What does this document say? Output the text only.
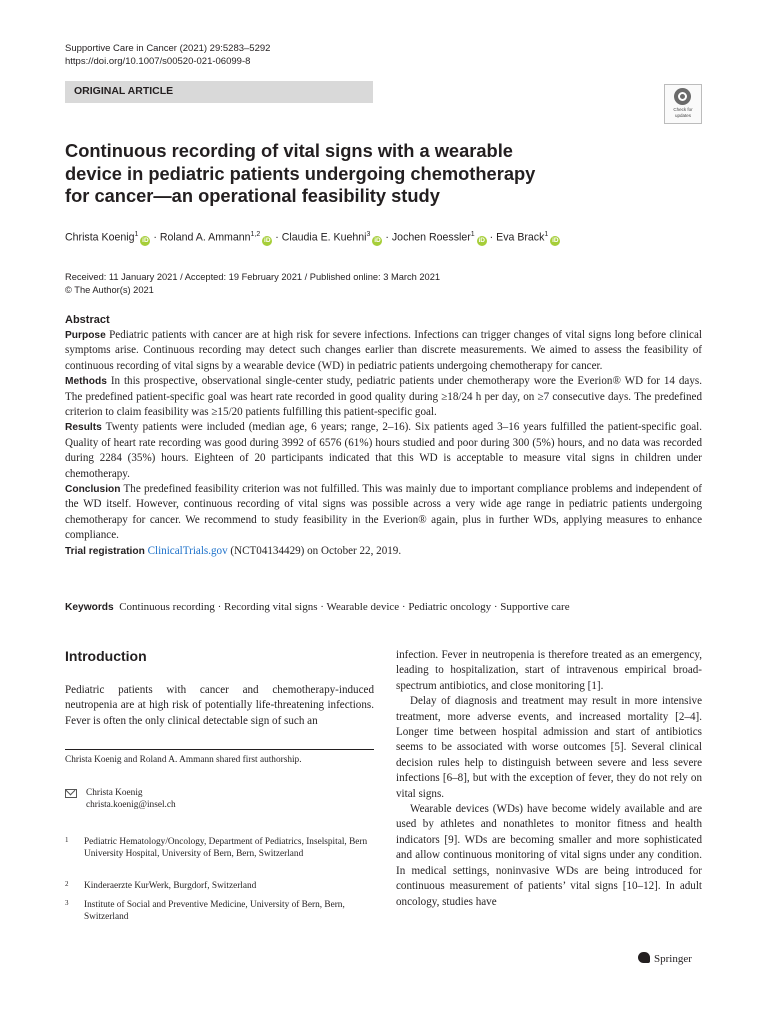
Supportive Care in Cancer (2021) 29:5283–5292
https://doi.org/10.1007/s00520-021-06099-8
ORIGINAL ARTICLE
Check for
updates
Continuous recording of vital signs with a wearable
device in pediatric patients undergoing chemotherapy
for cancer—an operational feasibility study
Christa Koenig$^1$iD · Roland A. Ammann$^{1,2}$iD · Claudia E. Kuehni$^3$iD · Jochen Roessler$^1$iD · Eva Brack$^1$iD
Received: 11 January 2021 / Accepted: 19 February 2021 / Published online: 3 March 2021
© The Author(s) 2021
Abstract

Purpose Pediatric patients with cancer are at high risk for severe infections. Infections can trigger changes of vital signs long before clinical symptoms arise. Continuous recording may detect such changes earlier than discrete measurements. We aimed to assess the feasibility of continuous recording of vital signs by a wearable device (WD) in pediatric patients undergoing chemotherapy for cancer.

Methods In this prospective, observational single-center study, pediatric patients under chemotherapy wore the Everion® WD for 14 days. The predefined patient-specific goal was heart rate recorded in good quality during ≥18/24 h per day, on ≥7 consecutive days. The predefined criterion to claim feasibility was ≥15/20 patients fulfilling this patient-specific goal.

Results Twenty patients were included (median age, 6 years; range, 2–16). Six patients aged 3–16 years fulfilled the patient-specific goal. Quality of heart rate recording was good during 3992 of 6576 (61%) hours studied and poor during 300 (5%) hours, and no data was recorded during 2284 (35%) hours. Eighteen of 20 participants indicated that this WD is acceptable to measure vital signs in children under chemotherapy.

Conclusion The predefined feasibility criterion was not fulfilled. This was mainly due to important compliance problems and independent of the WD itself. However, continuous recording of vital signs was possible across a very wide age range in pediatric patients undergoing chemotherapy for cancer. We recommend to study feasibility in the Everion® again, plus in further WDs, applying measures to enhance compliance.

Trial registration ClinicalTrials.gov (NCT04134429) on October 22, 2019.

Keywords Continuous recording · Recording vital signs · Wearable device · Pediatric oncology · Supportive care
Introduction

Pediatric patients with cancer and chemotherapy-induced neutropenia are at high risk of potentially life-threatening infections. Fever is often the only clinical detectable sign of such an

Christa Koenig and Roland A. Ammann shared first authorship.
Christa Koenig
christa.koenig@insel.ch
1 Pediatric Hematology/Oncology, Department of Pediatrics, Inselspital, Bern University Hospital, University of Bern, Bern, Switzerland
2 Kinderaerzte KurWerk, Burgdorf, Switzerland
3 Institute of Social and Preventive Medicine, University of Bern, Bern, Switzerland

infection. Fever in neutropenia is therefore treated as an emergency, leading to hospitalization, start of intravenous empirical broad-spectrum antibiotics, and close monitoring [1].

Delay of diagnosis and treatment may result in more intensive treatment, more adverse events, and increased mortality [2–4]. Longer time between hospital admission and start of antibiotics seems to be associated with worse outcomes [5]. Several clinical decision rules help to distinguish between severe and less severe infections [6–8], but with the exception of fever, they do not rely on vital signs.

Wearable devices (WDs) have become widely available and are used by athletes and nonathletes to monitor fitness and health indicators [9]. WDs are becoming smaller and more sophisticated and allow continuous monitoring of vital signs under any condition. In medical settings, noninvasive WDs are being introduced for continuous measurement of patients’ vital signs [10–12]. In adult oncology, studies have

Springer
